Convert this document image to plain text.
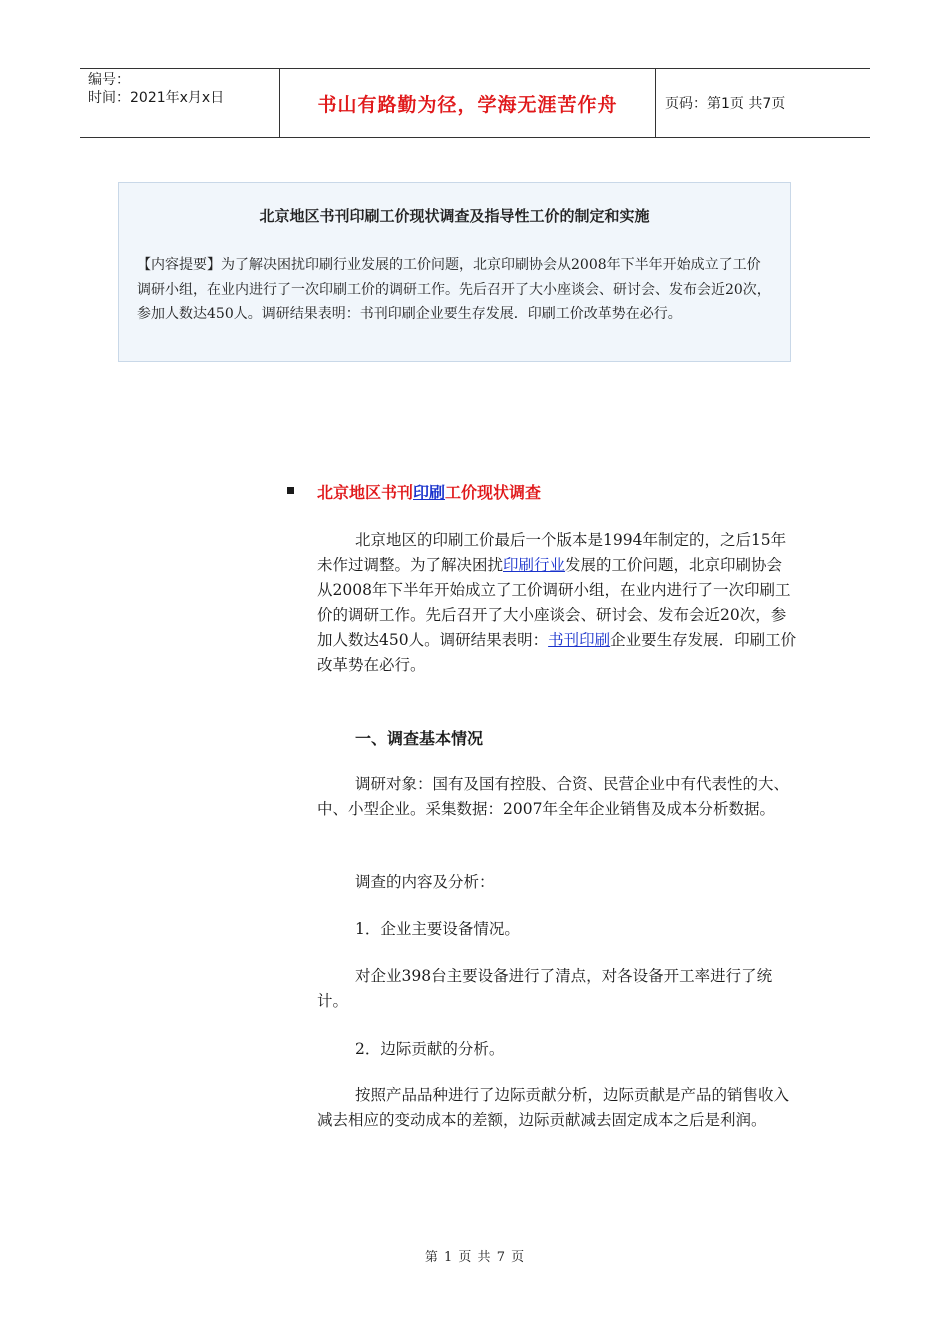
编号：
时间：2021年x月x日	书山有路勤为径，学海无涯苦作舟	页码：第1页 共7页
北京地区书刊印刷工价现状调查及指导性工价的制定和实施
【内容提要】为了解决困扰印刷行业发展的工价问题，北京印刷协会从2008年下半年开始成立了工价调研小组，在业内进行了一次印刷工价的调研工作。先后召开了大小座谈会、研讨会、发布会近20次，参加人数达450人。调研结果表明：书刊印刷企业要生存发展．印刷工价改革势在必行。
北京地区书刊印刷工价现状调查
北京地区的印刷工价最后一个版本是1994年制定的，之后15年未作过调整。为了解决困扰印刷行业发展的工价问题，北京印刷协会从2008年下半年开始成立了工价调研小组，在业内进行了一次印刷工价的调研工作。先后召开了大小座谈会、研讨会、发布会近20次，参加人数达450人。调研结果表明：书刊印刷企业要生存发展．印刷工价改革势在必行。
一、调查基本情况
调研对象：国有及国有控股、合资、民营企业中有代表性的大、中、小型企业。采集数据：2007年全年企业销售及成本分析数据。
调查的内容及分析：
1．企业主要设备情况。
对企业398台主要设备进行了清点，对各设备开工率进行了统计。
2．边际贡献的分析。
按照产品品种进行了边际贡献分析，边际贡献是产品的销售收入减去相应的变动成本的差额，边际贡献减去固定成本之后是利润。
第 1 页 共 7 页
